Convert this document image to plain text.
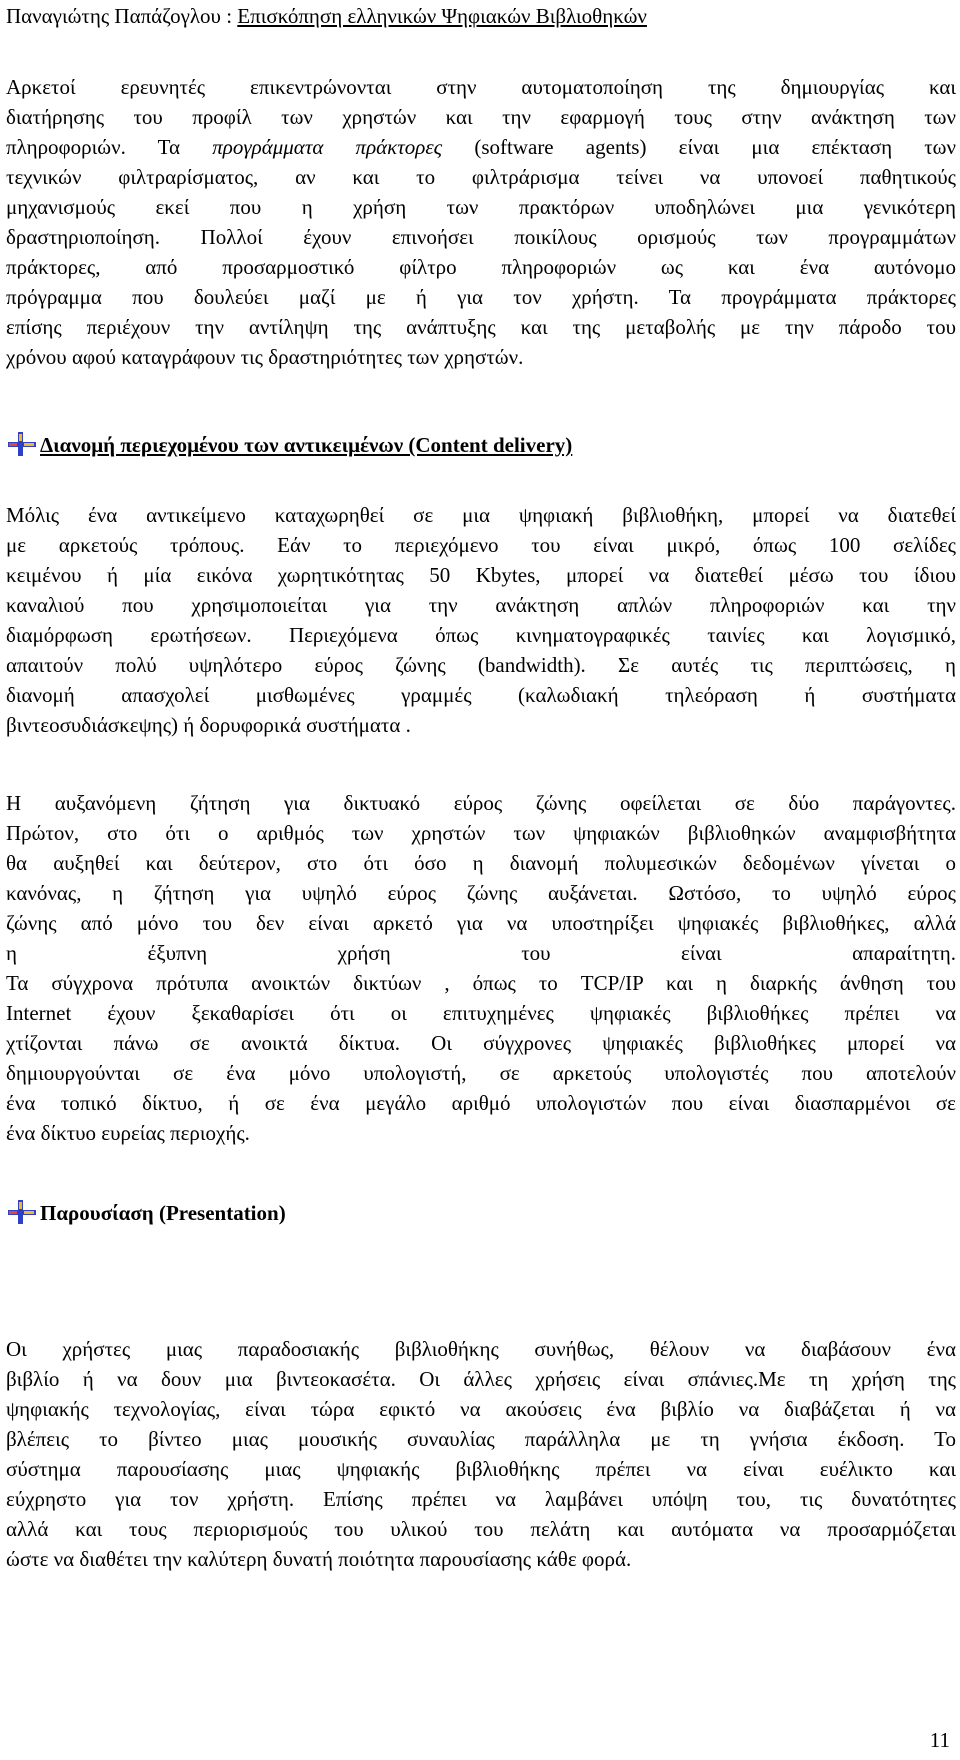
Παναγιώτης Παπάζογλου : Επισκόπηση ελληνικών Ψηφιακών Βιβλιοθηκών

Αρκετοί ερευνητές επικεντρώνονται στην αυτοματοποίηση της δημιουργίας και
διατήρησης του προφίλ των χρηστών και την εφαρμογή τους στην ανάκτηση των
πληροφοριών. Τα προγράμματα πράκτορες (software agents) είναι μια επέκταση των
τεχνικών φιλτραρίσματος, αν και το φιλτράρισμα τείνει να υπονοεί παθητικούς
μηχανισμούς εκεί που η χρήση των πρακτόρων υποδηλώνει μια γενικότερη
δραστηριοποίηση. Πολλοί έχουν επινοήσει ποικίλους ορισμούς των προγραμμάτων
πράκτορες, από προσαρμοστικό φίλτρο πληροφοριών ως και ένα αυτόνομο
πρόγραμμα που δουλεύει μαζί με ή για τον χρήστη. Τα προγράμματα πράκτορες
επίσης περιέχουν την αντίληψη της ανάπτυξης και της μεταβολής με την πάροδο του
χρόνου αφού καταγράφουν τις δραστηριότητες των χρηστών.

Διανομή περιεχομένου των αντικειμένων (Content delivery)

Μόλις ένα αντικείμενο καταχωρηθεί σε μια ψηφιακή βιβλιοθήκη, μπορεί να διατεθεί
με αρκετούς τρόπους. Εάν το περιεχόμενο του είναι μικρό, όπως 100 σελίδες
κειμένου ή μία εικόνα χωρητικότητας 50 Kbytes, μπορεί να διατεθεί μέσω του ίδιου
καναλιού που χρησιμοποιείται για την ανάκτηση απλών πληροφοριών και την
διαμόρφωση ερωτήσεων. Περιεχόμενα όπως κινηματογραφικές ταινίες και λογισμικό,
απαιτούν πολύ υψηλότερο εύρος ζώνης (bandwidth). Σε αυτές τις περιπτώσεις, η
διανομή απασχολεί μισθωμένες γραμμές (καλωδιακή τηλεόραση ή συστήματα
βιντεοσυδιάσκεψης) ή δορυφορικά συστήματα .

Η αυξανόμενη ζήτηση για δικτυακό εύρος ζώνης οφείλεται σε δύο παράγοντες.
Πρώτον, στο ότι ο αριθμός των χρηστών των ψηφιακών βιβλιοθηκών αναμφισβήτητα
θα αυξηθεί και δεύτερον, στο ότι όσο η διανομή πολυμεσικών δεδομένων γίνεται ο
κανόνας, η ζήτηση για υψηλό εύρος ζώνης αυξάνεται. Ωστόσο, το υψηλό εύρος
ζώνης από μόνο του δεν είναι αρκετό για να υποστηρίξει ψηφιακές βιβλιοθήκες, αλλά
η έξυπνη χρήση του είναι απαραίτητη.
Τα σύγχρονα πρότυπα ανοικτών δικτύων , όπως το TCP/IP και η διαρκής άνθηση του
Internet έχουν ξεκαθαρίσει ότι οι επιτυχημένες ψηφιακές βιβλιοθήκες πρέπει να
χτίζονται πάνω σε ανοικτά δίκτυα. Οι σύγχρονες ψηφιακές βιβλιοθήκες μπορεί να
δημιουργούνται σε ένα μόνο υπολογιστή, σε αρκετούς υπολογιστές που αποτελούν
ένα τοπικό δίκτυο, ή σε ένα μεγάλο αριθμό υπολογιστών που είναι διασπαρμένοι σε
ένα δίκτυο ευρείας περιοχής.

Παρουσίαση (Presentation)

Οι χρήστες μιας παραδοσιακής βιβλιοθήκης συνήθως, θέλουν να διαβάσουν ένα
βιβλίο ή να δουν μια βιντεοκασέτα. Οι άλλες χρήσεις είναι σπάνιες.Με τη χρήση της
ψηφιακής τεχνολογίας, είναι τώρα εφικτό να ακούσεις ένα βιβλίο να διαβάζεται ή να
βλέπεις το βίντεο μιας μουσικής συναυλίας παράλληλα με τη γνήσια έκδοση. Το
σύστημα παρουσίασης μιας ψηφιακής βιβλιοθήκης πρέπει να είναι ευέλικτο και
εύχρηστο για τον χρήστη. Επίσης πρέπει να λαμβάνει υπόψη του, τις δυνατότητες
αλλά και τους περιορισμούς του υλικού του πελάτη και αυτόματα να προσαρμόζεται
ώστε να διαθέτει την καλύτερη δυνατή ποιότητα παρουσίασης κάθε φορά.

11
